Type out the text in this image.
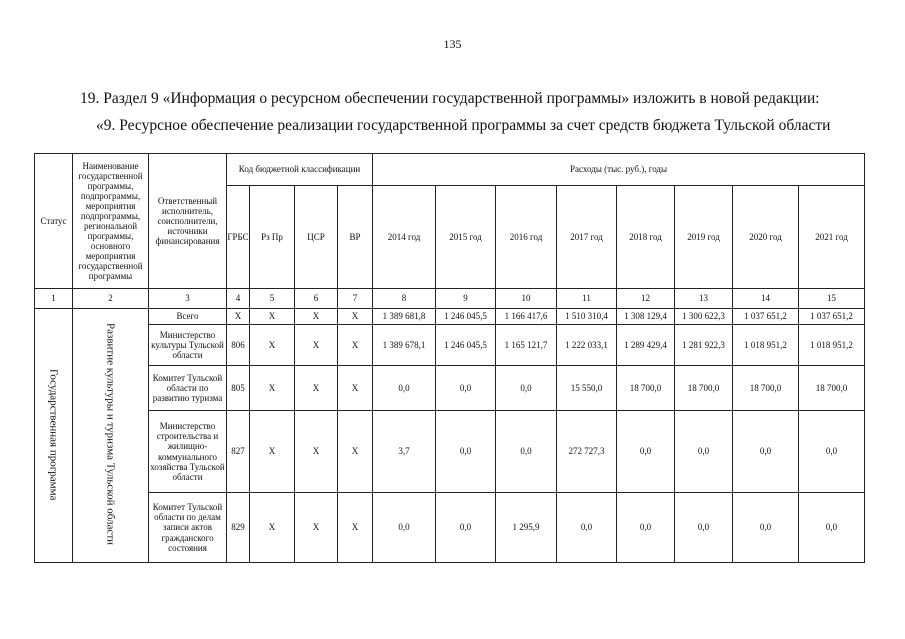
135
19. Раздел 9 «Информация о ресурсном обеспечении государственной программы» изложить в новой редакции:
«9. Ресурсное обеспечение реализации государственной программы за счет средств бюджета Тульской области
Статус	Наименование государственной программы, подпрограммы, мероприятия подпрограммы, региональной программы, основного мероприятия государственной программы	Ответственный исполнитель, соисполнители, источники финансирования	Код бюджетной классификации				Расходы (тыс. руб.), годы							
			ГРБС	Рз Пр	ЦСР	ВР	2014 год	2015 год	2016 год	2017 год	2018 год	2019 год	2020 год	2021 год
1	2	3	4	5	6	7	8	9	10	11	12	13	14	15
Государственная программа	Развитие культуры и туризма Тульской области	Всего	X	X	X	X	1 389 681,8	1 246 045,5	1 166 417,6	1 510 310,4	1 308 129,4	1 300 622,3	1 037 651,2	1 037 651,2
		Министерство культуры Тульской области	806	X	X	X	1 389 678,1	1 246 045,5	1 165 121,7	1 222 033,1	1 289 429,4	1 281 922,3	1 018 951,2	1 018 951,2
		Комитет Тульской области по развитию туризма	805	X	X	X	0,0	0,0	0,0	15 550,0	18 700,0	18 700,0	18 700,0	18 700,0
		Министерство строительства и жилищно-коммунального хозяйства Тульской области	827	X	X	X	3,7	0,0	0,0	272 727,3	0,0	0,0	0,0	0,0
		Комитет Тульской области по делам записи актов гражданского состояния	829	X	X	X	0,0	0,0	1 295,9	0,0	0,0	0,0	0,0	0,0
